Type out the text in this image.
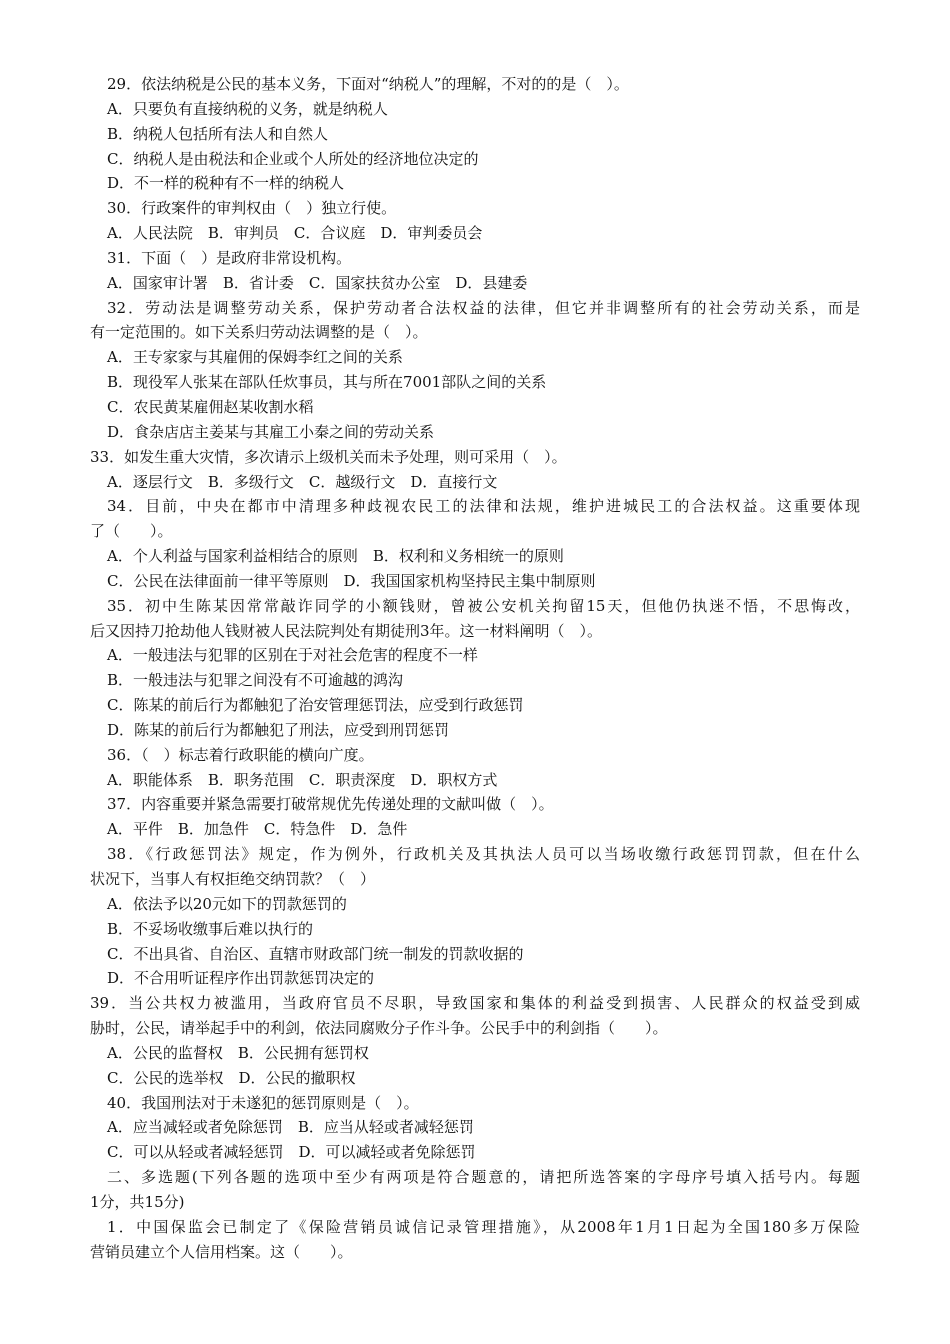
29．依法纳税是公民的基本义务，下面对“纳税人”的理解，不对的的是（　）。
A．只要负有直接纳税的义务，就是纳税人
B．纳税人包括所有法人和自然人
C．纳税人是由税法和企业或个人所处的经济地位决定的
D．不一样的税种有不一样的纳税人
30．行政案件的审判权由（　）独立行使。
A．人民法院　B．审判员　C．合议庭　D．审判委员会
31．下面（　）是政府非常设机构。
A．国家审计署　B．省计委　C．国家扶贫办公室　D．县建委
32．劳动法是调整劳动关系，保护劳动者合法权益的法律，但它并非调整所有的社会劳动关系，而是
有一定范围的。如下关系归劳动法调整的是（　）。
A．王专家家与其雇佣的保姆李红之间的关系
B．现役军人张某在部队任炊事员，其与所在7001部队之间的关系
C．农民黄某雇佣赵某收割水稻
D．食杂店店主姜某与其雇工小秦之间的劳动关系
33．如发生重大灾情，多次请示上级机关而未予处理，则可采用（　）。
A．逐层行文　B．多级行文　C．越级行文　D．直接行文
34．目前，中央在都市中清理多种歧视农民工的法律和法规，维护进城民工的合法权益。这重要体现
了（　　）。
A．个人利益与国家利益相结合的原则　B．权利和义务相统一的原则
C．公民在法律面前一律平等原则　D．我国国家机构坚持民主集中制原则
35．初中生陈某因常常敲诈同学的小额钱财，曾被公安机关拘留15天，但他仍执迷不悟，不思悔改，
后又因持刀抢劫他人钱财被人民法院判处有期徒刑3年。这一材料阐明（　）。
A．一般违法与犯罪的区别在于对社会危害的程度不一样
B．一般违法与犯罪之间没有不可逾越的鸿沟
C．陈某的前后行为都触犯了治安管理惩罚法，应受到行政惩罚
D．陈某的前后行为都触犯了刑法，应受到刑罚惩罚
36．（　）标志着行政职能的横向广度。
A．职能体系　B．职务范围　C．职责深度　D．职权方式
37．内容重要并紧急需要打破常规优先传递处理的文献叫做（　）。
A．平件　B．加急件　C．特急件　D．急件
38．《行政惩罚法》规定，作为例外，行政机关及其执法人员可以当场收缴行政惩罚罚款，但在什么
状况下，当事人有权拒绝交纳罚款？（　）
A．依法予以20元如下的罚款惩罚的
B．不妥场收缴事后难以执行的
C．不出具省、自治区、直辖市财政部门统一制发的罚款收据的
D．不合用听证程序作出罚款惩罚决定的
39．当公共权力被滥用，当政府官员不尽职，导致国家和集体的利益受到损害、人民群众的权益受到威
胁时，公民，请举起手中的利剑，依法同腐败分子作斗争。公民手中的利剑指（　　）。
A．公民的监督权　B．公民拥有惩罚权
C．公民的选举权　D．公民的撤职权
40．我国刑法对于未遂犯的惩罚原则是（　）。
A．应当减轻或者免除惩罚　B．应当从轻或者减轻惩罚
C．可以从轻或者减轻惩罚　D．可以减轻或者免除惩罚
二、多选题(下列各题的选项中至少有两项是符合题意的，请把所选答案的字母序号填入括号内。每题
1分，共15分)
1．中国保监会已制定了《保险营销员诚信记录管理措施》，从2008年1月1日起为全国180多万保险
营销员建立个人信用档案。这（　　）。
